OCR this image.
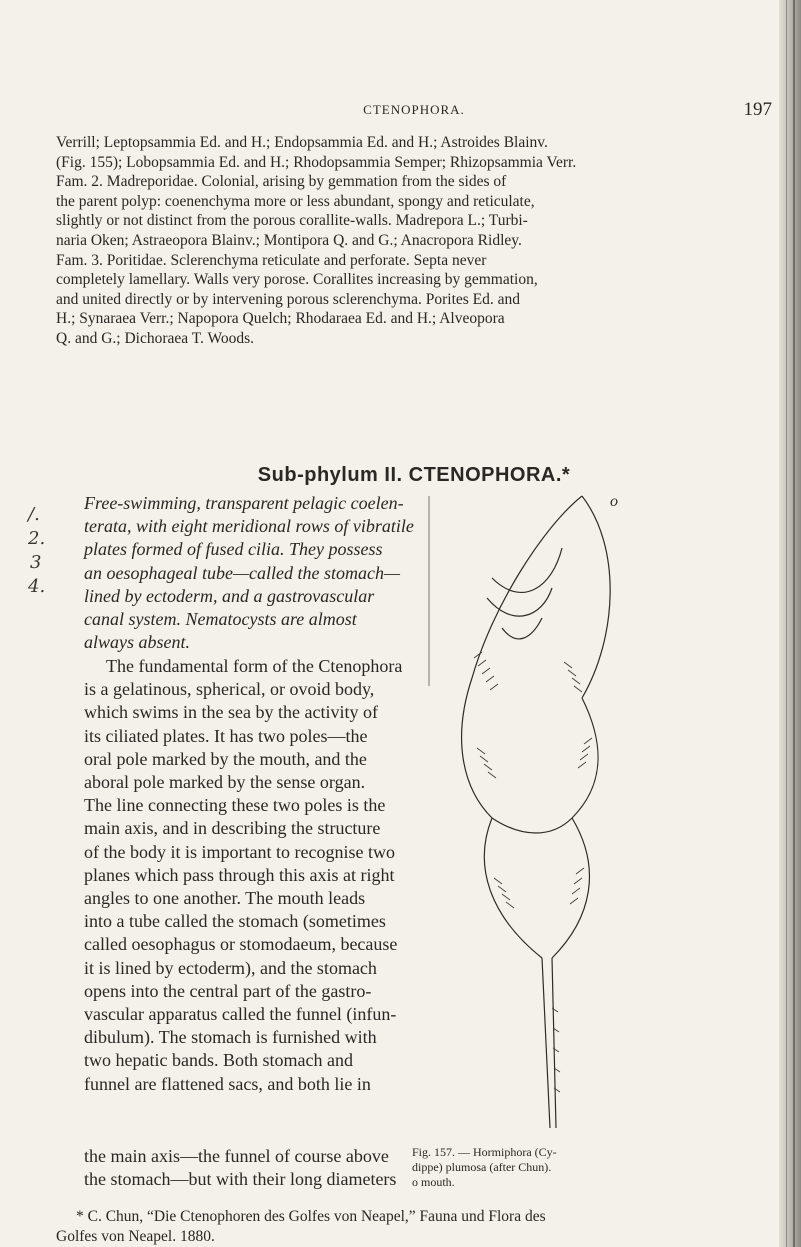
CTENOPHORA.	197
Verrill; Leptopsammia Ed. and H.; Endopsammia Ed. and H.; Astroides Blainv.
(Fig. 155); Lobopsammia Ed. and H.; Rhodopsammia Semper; Rhizopsammia Verr.
Fam. 2. Madreporidae. Colonial, arising by gemmation from the sides of
the parent polyp: coenenchyma more or less abundant, spongy and reticulate,
slightly or not distinct from the porous corallite-walls. Madrepora L.; Turbi-
naria Oken; Astraeopora Blainv.; Montipora Q. and G.; Anacropora Ridley.
Fam. 3. Poritidae. Sclerenchyma reticulate and perforate. Septa never
completely lamellary. Walls very porose. Corallites increasing by gemmation,
and united directly or by intervening porous sclerenchyma. Porites Ed. and
H.; Synaraea Verr.; Napopora Quelch; Rhodaraea Ed. and H.; Alveopora
Q. and G.; Dichoraea T. Woods.
Sub-phylum II. CTENOPHORA.*

Free-swimming, transparent pelagic coelen-

terata, with eight meridional rows of vibratile

plates formed of fused cilia. They possess

an oesophageal tube—called the stomach—

lined by ectoderm, and a gastrovascular

canal system. Nematocysts are almost

always absent.

The fundamental form of the Ctenophora

is a gelatinous, spherical, or ovoid body,

which swims in the sea by the activity of

its ciliated plates. It has two poles—the

oral pole marked by the mouth, and the

aboral pole marked by the sense organ.

The line connecting these two poles is the

main axis, and in describing the structure

of the body it is important to recognise two

planes which pass through this axis at right

angles to one another. The mouth leads

into a tube called the stomach (sometimes

called oesophagus or stomodaeum, because

it is lined by ectoderm), and the stomach

opens into the central part of the gastro-

vascular apparatus called the funnel (infun-

dibulum). The stomach is furnished with

two hepatic bands. Both stomach and

funnel are flattened sacs, and both lie in

the main axis—the funnel of course above

the stomach—but with their long diameters

o

Fig. 157. — Hormiphora (Cy-

dippe) plumosa (after Chun).

o mouth.

* C. Chun, “Die Ctenophoren des Golfes von Neapel,” Fauna und Flora des

Golfes von Neapel. 1880.

/.
2.
3
4.
